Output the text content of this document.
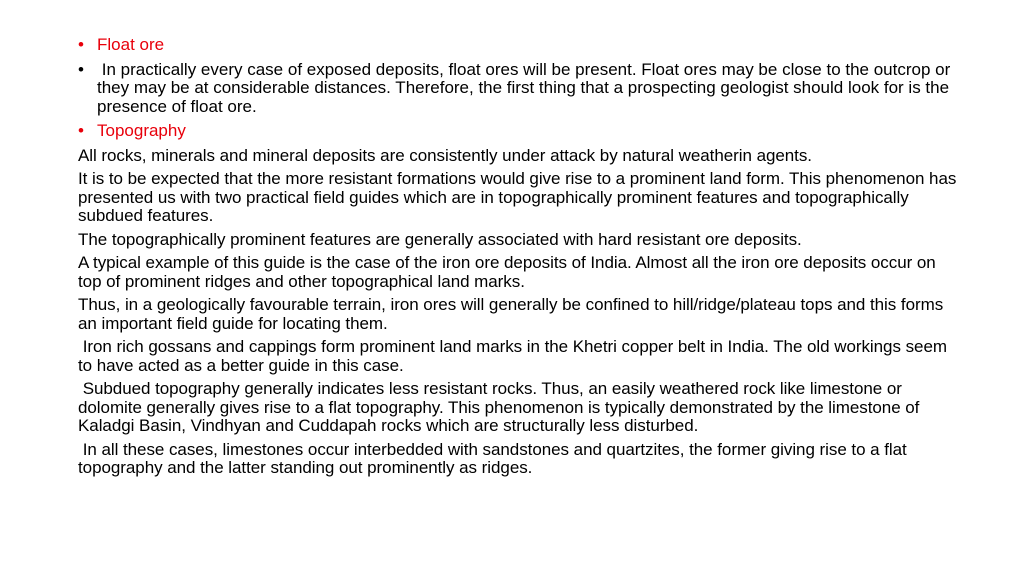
• Float ore
• In practically every case of exposed deposits, float ores will be present. Float ores may be close to the outcrop or they may be at considerable distances. Therefore, the first thing that a prospecting geologist should look for is the presence of float ore.
• Topography
All rocks, minerals and mineral deposits are consistently under attack by natural weatherin agents.
It is to be expected that the more resistant formations would give rise to a prominent land form. This phenomenon has presented us with two practical field guides which are in topographically prominent features and topographically subdued features.
The topographically prominent features are generally associated with hard resistant ore deposits.
A typical example of this guide is the case of the iron ore deposits of India. Almost all the iron ore deposits occur on top of prominent ridges and other topographical land marks.
Thus, in a geologically favourable terrain, iron ores will generally be confined to hill/ridge/plateau tops and this forms an important field guide for locating them.
Iron rich gossans and cappings form prominent land marks in the Khetri copper belt in India. The old workings seem to have acted as a better guide in this case.
Subdued topography generally indicates less resistant rocks. Thus, an easily weathered rock like limestone or dolomite generally gives rise to a flat topography. This phenomenon is typically demonstrated by the limestone of Kaladgi Basin, Vindhyan and Cuddapah rocks which are structurally less disturbed.
In all these cases, limestones occur interbedded with sandstones and quartzites, the former giving rise to a flat topography and the latter standing out prominently as ridges.
